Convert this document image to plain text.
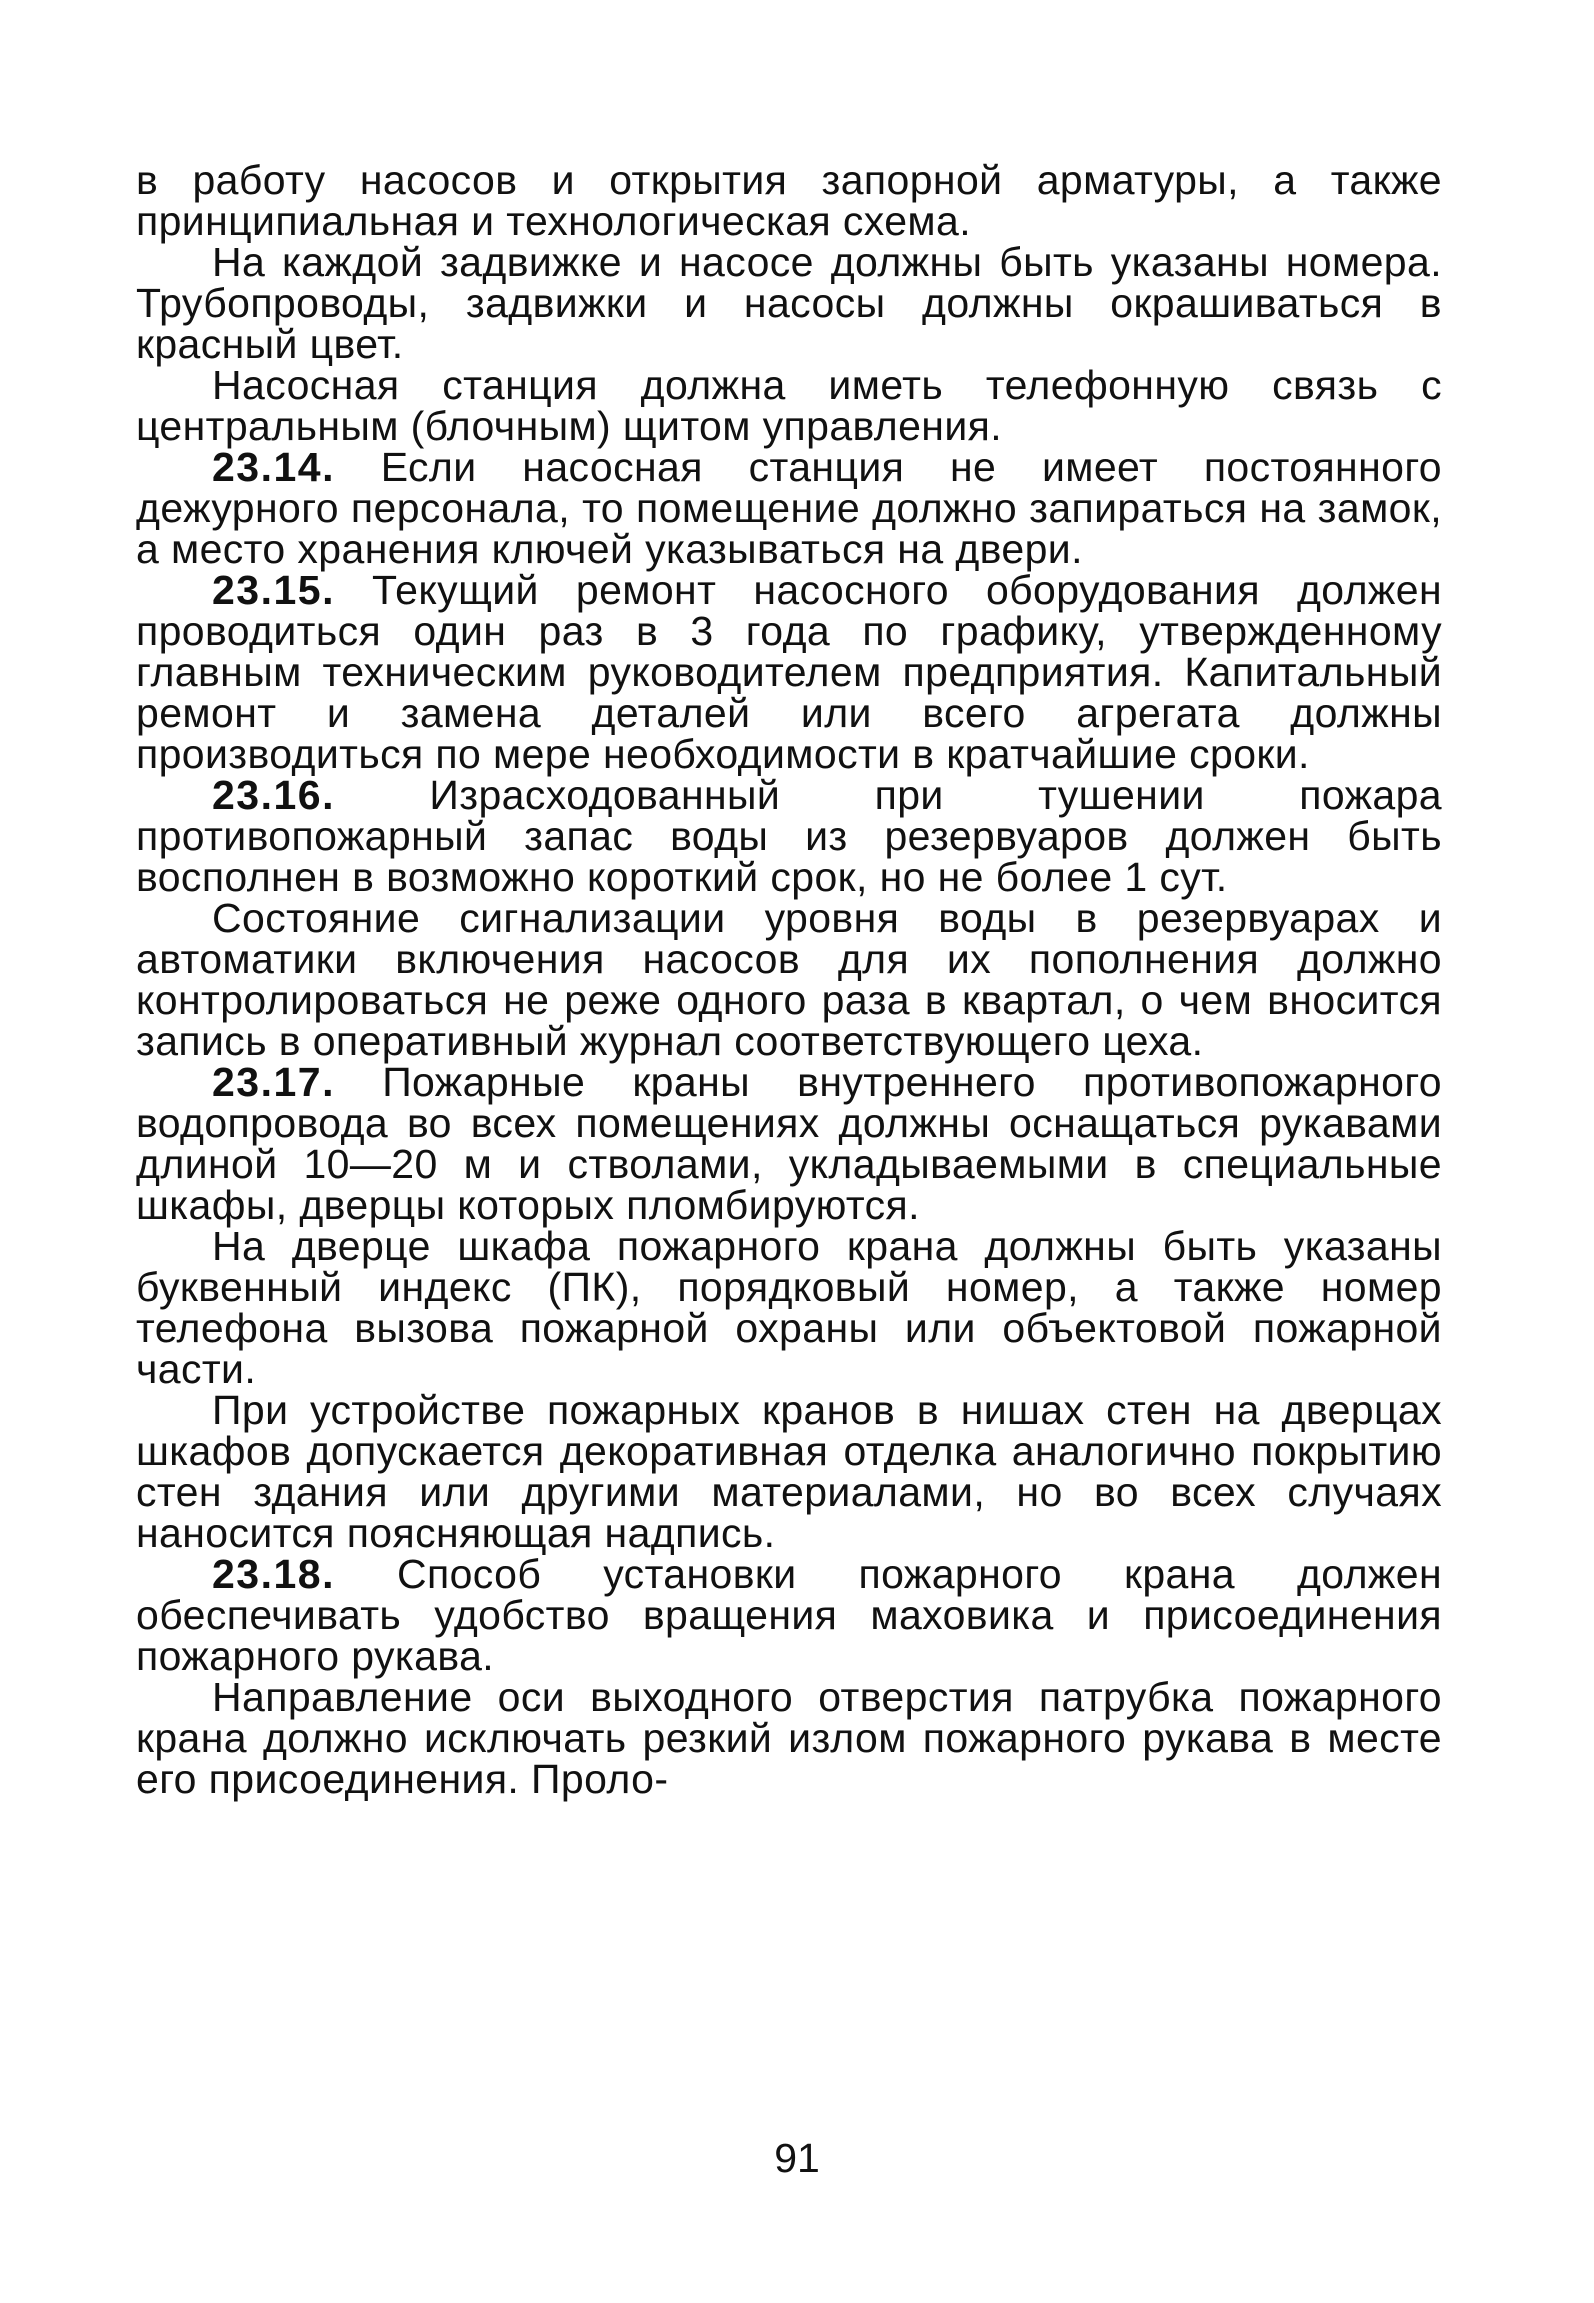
в работу насосов и открытия запорной арматуры, а также принципиальная и технологическая схема.

На каждой задвижке и насосе должны быть указаны номера. Трубопроводы, задвижки и насосы должны окрашиваться в красный цвет.

Насосная станция должна иметь телефонную связь с центральным (блочным) щитом управления.

23.14. Если насосная станция не имеет постоянного дежурного персонала, то помещение должно запираться на замок, а место хранения ключей указываться на двери.

23.15. Текущий ремонт насосного оборудования должен проводиться один раз в 3 года по графику, утвержденному главным техническим руководителем предприятия. Капитальный ремонт и замена деталей или всего агрегата должны производиться по мере необходимости в кратчайшие сроки.

23.16. Израсходованный при тушении пожара противопожарный запас воды из резервуаров должен быть восполнен в возможно короткий срок, но не более 1 сут.

Состояние сигнализации уровня воды в резервуарах и автоматики включения насосов для их пополнения должно контролироваться не реже одного раза в квартал, о чем вносится запись в оперативный журнал соответствующего цеха.

23.17. Пожарные краны внутреннего противопожарного водопровода во всех помещениях должны оснащаться рукавами длиной 10—20 м и стволами, укладываемыми в специальные шкафы, дверцы которых пломбируются.

На дверце шкафа пожарного крана должны быть указаны буквенный индекс (ПК), порядковый номер, а также номер телефона вызова пожарной охраны или объектовой пожарной части.

При устройстве пожарных кранов в нишах стен на дверцах шкафов допускается декоративная отделка аналогично покрытию стен здания или другими материалами, но во всех случаях наносится поясняющая надпись.

23.18. Способ установки пожарного крана должен обеспечивать удобство вращения маховика и присоединения пожарного рукава.

Направление оси выходного отверстия патрубка пожарного крана должно исключать резкий излом пожарного рукава в месте его присоединения. Проло-

91
